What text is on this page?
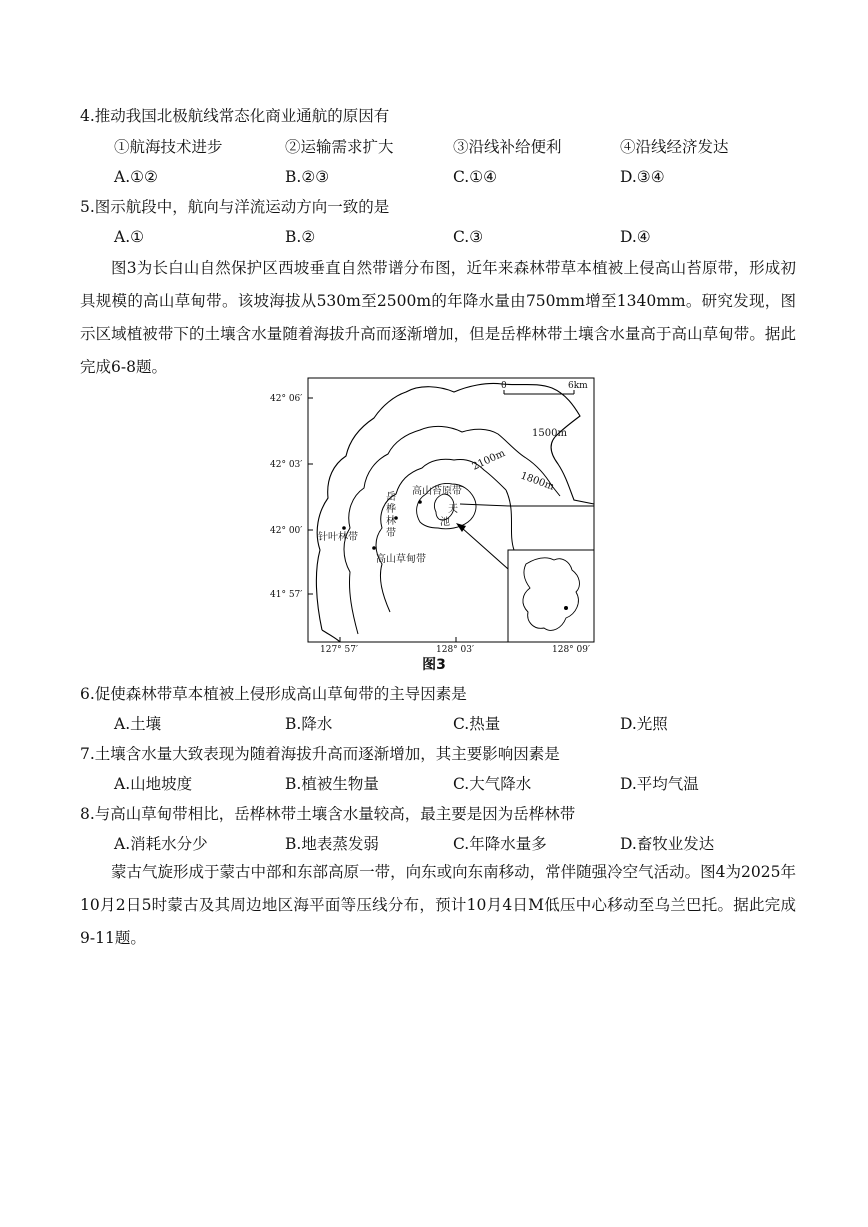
4.推动我国北极航线常态化商业通航的原因有
①航海技术进步	②运输需求扩大	③沿线补给便利	④沿线经济发达
A.①②	B.②③	C.①④	D.③④
5.图示航段中，航向与洋流运动方向一致的是
A.①	B.②	C.③	D.④

图3为长白山自然保护区西坡垂直自然带谱分布图，近年来森林带草本植被上侵高山苔原带，形成初具规模的高山草甸带。该坡海拔从530m至2500m的年降水量由750mm增至1340mm。研究发现，图示区域植被带下的土壤含水量随着海拔升高而逐渐增加，但是岳桦林带土壤含水量高于高山草甸带。据此完成6-8题。

42° 06′
42° 03′
42° 00′
41° 57′
127° 57′	128° 03′	128° 09′
0	6km
1500m
1800m
2100m
高山苔原带
岳
桦
林
带
针叶林带
高山草甸带
天
池
图3
6.促使森林带草本植被上侵形成高山草甸带的主导因素是
A.土壤	B.降水	C.热量	D.光照
7.土壤含水量大致表现为随着海拔升高而逐渐增加，其主要影响因素是
A.山地坡度	B.植被生物量	C.大气降水	D.平均气温
8.与高山草甸带相比，岳桦林带土壤含水量较高，最主要是因为岳桦林带
A.消耗水分少	B.地表蒸发弱	C.年降水量多	D.畜牧业发达

蒙古气旋形成于蒙古中部和东部高原一带，向东或向东南移动，常伴随强冷空气活动。图4为2025年10月2日5时蒙古及其周边地区海平面等压线分布，预计10月4日M低压中心移动至乌兰巴托。据此完成9-11题。
